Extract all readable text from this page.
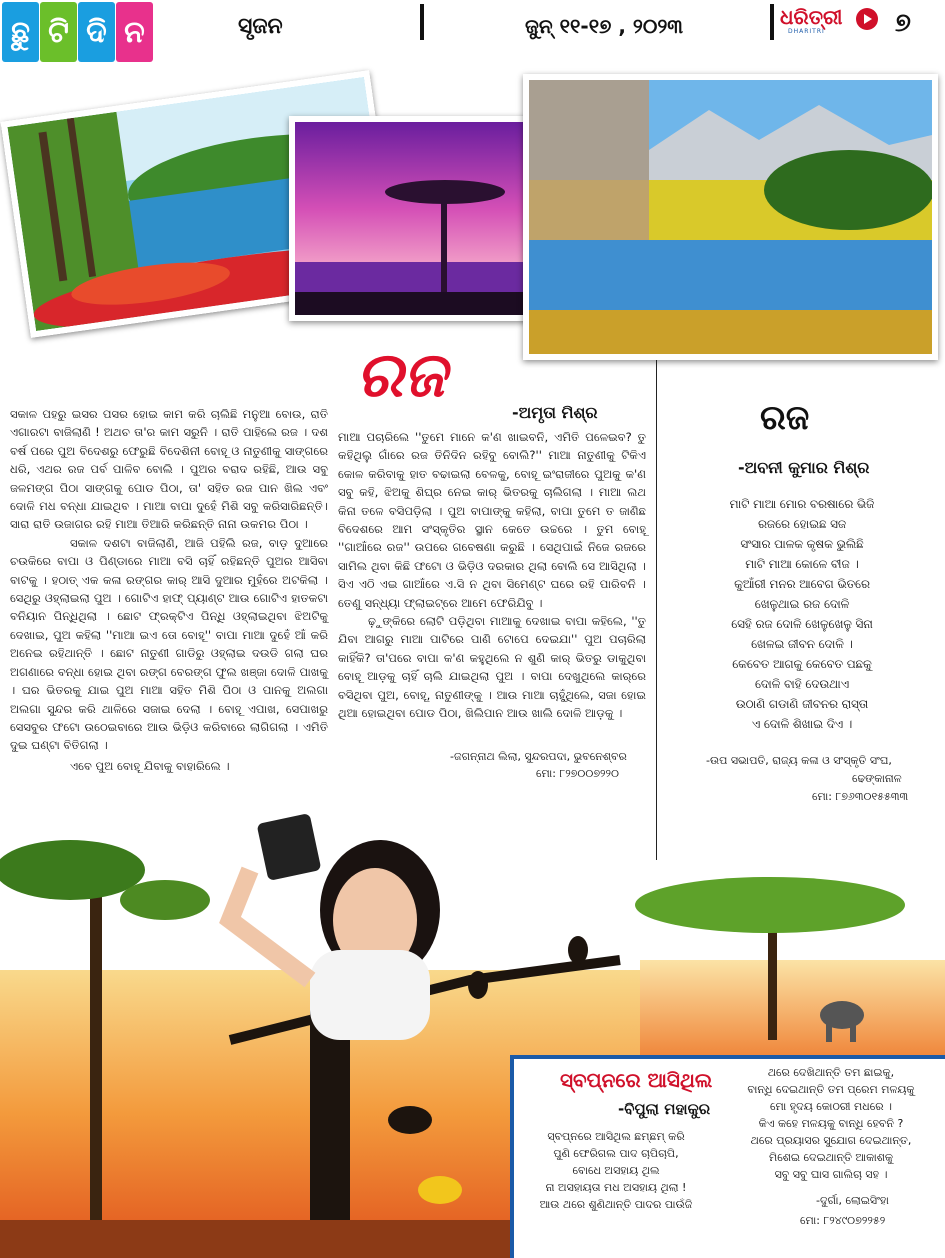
ଛୁ ଟି ଦି ନ	ସୃଜନ	ଜୁନ୍ ୧୧-୧୭ , ୨୦୨୩	ଧରିତ୍ରୀ
DHARITRI	୭
ରଜ
-ଅମୃତା ମିଶ୍ର

ସକାଳ ପହରୁ ଇସର ପସର ହୋଇ କାମ କରି ଚାଲିଛି ମନୁଆ ବୋଉ, ରାତି ଏଗାରଟା ବାଜିଲାଣି ! ଅଥଚ ତା'ର କାମ ସରୁନି । ରାତି ପାହିଲେ ରଜ । ଦଶ ବର୍ଷ ପରେ ପୁଅ ବିଦେଶରୁ ଫେରୁଛି ବିଦେଶିନୀ ବୋହୂ ଓ ନାତୁଣୀକୁ ସାଙ୍ଗରେ ଧରି, ଏଥର ରଜ ପର୍ବ ପାଳିବ ବୋଲି । ପୁଅର ବରାଦ ରହିଛି, ଆଉ ସବୁ ଜଳମଙ୍ଗ ପିଠା ସାଙ୍ଗକୁ ପୋଡ ପିଠା, ତା' ସହିତ ରଜ ପାନ ଖିଲ ଏବଂ ଦୋଳି ମଧ ବନ୍ଧା ଯାଇଥିବ । ମାଆ ବାପା ଦୁହେଁ ମିଶି ସବୁ କରିସାରିଛନ୍ତି। ସାରା ରାତି ଉଜାଗର ରହି ମାଆ ତିଆରି କରିଛନ୍ତି ନାନା ଉକମର ପିଠା ।

ସକାଳ ଦଶଟା ବାଜିଲାଣି, ଆଜି ପହିଲି ରଜ, ବାଡ଼ ଦୁଆରେ ଚଉକିରେ ବାପା ଓ ପିଣ୍ଡାରେ ମାଆ ବସି ଚାହିଁ ରହିଛନ୍ତି ପୁଅର ଆସିବା ବାଟକୁ । ହଠାତ୍ ଏକ କଳା ରଙ୍ଗର କାର୍ ଆସି ଦୁଆର ମୁହଁରେ ଅଟକିଲା । ସେଥିରୁ ଓହ୍ଲାଇଲା ପୁଅ । ଗୋଟିଏ ହାଫ୍ ପ୍ୟାଣ୍ଟ ଆଉ ଗୋଟିଏ ହାତକଟା ବନିୟାନ ପିନ୍ଧିଥିଲା । ଛୋଟ ଫ୍ରକ୍ଟିଏ ପିନ୍ଧି ଓହ୍ଲାଇଥିବା ଝିଅଟିକୁ ଦେଖାଇ, ପୁଅ କହିଲା ''ମାଆ ଇଏ ତୋ ବୋହୂ'' ବାପା ମାଆ ଦୁହେଁ ଆଁ କରି ଅନେଇ ରହିଥାନ୍ତି । ଛୋଟ ନାତୁଣୀ ଗାଡିରୁ ଓହ୍ଲାଇ ଦଉଡି ଗଲା ଘର ଅଗଣାରେ ବନ୍ଧା ହୋଇ ଥିବା ରଙ୍ଗ ବେରଙ୍ଗ ଫୁଲ ଖଞ୍ଜା ଦୋଳି ପାଖକୁ । ଘର ଭିତରକୁ ଯାଇ ପୁଅ ମାଆ ସହିତ ମିଶି ପିଠା ଓ ପାନକୁ ଅଲଗା ଅଲଗା ସୁନ୍ଦର କରି ଥାଳିରେ ସଜାଇ ଦେଲା । ବୋହୂ ଏପାଖ, ସେପାଖରୁ ସେସବୁର ଫଟୋ ଉଠେଇବାରେ ଆଉ ଭିଡ଼ିଓ କରିବାରେ ଲାଗିଗଲା । ଏମିତି ଦୁଇ ଘଣ୍ଟା ବିତିଗଲା ।

ଏବେ ପୁଅ ବୋହୂ ଯିବାକୁ ବାହାରିଲେ ।

ମାଆ ପଚାରିଲେ ''ତୁମେ ମାନେ କ'ଣ ଖାଇବନି, ଏମିତି ପଳେଇବ? ତୁ କହିଥିଲୁ ଗାଁରେ ରଜ ତିନିଦିନ ରହିବୁ ବୋଲି?'' ମାଆ ନାତୁଣୀକୁ ଟିକିଏ କୋଳ କରିବାକୁ ହାତ ବଢାଇଲା ବେଳକୁ, ବୋହୂ ଇଂରାଜୀରେ ପୁଅକୁ କ'ଣ ସବୁ କହି, ଝିଅକୁ ଶିଘ୍ର ନେଇ କାର୍ ଭିତରକୁ ଚାଲିଗଲା । ମାଆ ଲଥ କିନା ତଳେ ବସିପଡ଼ିଲା । ପୁଅ ବାପାଙ୍କୁ କହିଲା, ବାପା ତୁମେ ତ ଜାଣିଛ ବିଦେଶରେ ଆମ ସଂସ୍କୃତିର ସ୍ଥାନ କେତେ ଉଚ୍ଚରେ । ତୁମ ବୋହୂ ''ଗାଆଁରେ ରଜ'' ଉପରେ ଗବେଷଣା କରୁଛି । ସେଥିପାଇଁ ନିଜେ ରଜରେ ସାମିଲ ଥିବା କିଛି ଫଟୋ ଓ ଭିଡ଼ିଓ ଦରକାର ଥିଲା ବୋଲି ସେ ଆସିଥିଲା । ସିଏ ଏଠି ଏଇ ଗାଆଁରେ ଏ.ସି ନ ଥିବା ସିମେଣ୍ଟ ଘରେ ରହି ପାରିବନି । ତେଣୁ ସନ୍ଧ୍ୟା ଫ୍ଲାଇଟ୍‌ରେ ଆମେ ଫେରିଯିବୁ ।

ଢ଼ୁଙ୍କିରେ ଲୋଟି ପଡ଼ିଥିବା ମାଆକୁ ଦେଖାଇ ବାପା କହିଲେ, ''ତୁ ଯିବା ଆଗରୁ ମାଆ ପାଟିରେ ପାଣି ଟୋପେ ଦେଇଯା'' ପୁଅ ପଚାରିଲା କାହିଁକି? ତା'ପରେ ବାପା କ'ଣ କହୁଥିଲେ ନ ଶୁଣି କାର୍ ଭିତରୁ ଡାକୁଥିବା ବୋହୂ ଆଡ଼କୁ ଚାହିଁ ଚାଲି ଯାଇଥିଲା ପୁଅ । ବାପା ଦେଖୁଥିଲେ କାର୍‌ରେ ବସିଥିବା ପୁଅ, ବୋହୂ, ନାତୁଣୀଙ୍କୁ । ଆଉ ମାଆ ଚାହୁଁଥିଲେ, ସଜା ହୋଇ ଥିଆ ହୋଇଥିବା ପୋଡ ପିଠା, ଖିଲିପାନ ଆଉ ଖାଲି ଦୋଳି ଆଡ଼କୁ ।

-ଜଗନ୍ନାଥ ଲିଲା, ସୁନ୍ଦରପଦା, ଭୁବନେଶ୍ବର
ମୋ: ୮୨୭୦୦୭୨୨୦
ରଜ
-ଅବନୀ କୁମାର ମିଶ୍ର
ମାଟି ମାଆ ମୋର ବରଷାରେ ଭିଜି
ରଜରେ ହୋଇଛ ସଜ
ସଂସାର ପାଳକ କୃଷକ ଭୁଲିଛି
ମାଟି ମାଆ କୋଳେ ବୀଜ ।
କୁଆଁରୀ ମନର ଆବେଗ ଭିତରେ
ଖେଳୁଥାଇ ରଜ ଦୋଳି
ସେହି ରଜ ଦୋଳି ଖେଳୁଖେଳୁ ସିନା
ଖେଳଇ ଜୀବନ ଦୋଳି ।
କେବେତ ଆଗକୁ କେବେତ ପଛକୁ
ଦୋଳି ବାହି ଦେଉଥାଏ
ଉଠାଣି ଗଡାଣି ଜୀବନର ରାସ୍ତା
ଏ ଦୋଳି ଶିଖାଇ ଦିଏ ।
-ଉପ ସଭାପତି, ରାଜ୍ୟ କଳା ଓ ସଂସ୍କୃତି ସଂଘ,
ଢେଙ୍କାନାଳ
ମୋ: ୮୭୬୩୦୧୫୫୩୩
ସ୍ବପ୍ନରେ ଆସିଥିଲ
-ବିପୁଲା ମହାକୁର
ସ୍ବପ୍ନରେ ଆସିଥିଲ ଛମ୍ଛମ୍ କରି
ପୁଣି ଫେରିଗଲ ପାଦ ଚାପିଚାପି,
ବୋଧେ ଅସହାୟ ଥିଲ
ନା ଅସହାୟତା ମଧ ଅସହାୟ ଥିଲା !
ଆଉ ଥରେ ଶୁଣିଥାନ୍ତି ପାଦର ପାଉଁଜି
ଥରେ ଦେଖିଥାନ୍ତି ତମ ଛାଇକୁ,
ବାନ୍ଧି ଦେଇଥାନ୍ତି ତମ ପ୍ରେମ ମଳୟକୁ
ମୋ ହୃଦୟ କୋଠରୀ ମଧରେ ।
କିଏ କହେ ମଳୟକୁ ବାନ୍ଧି ହେବନି ?
ଥରେ ପ୍ରୟାସର ସୁଯୋଗ ଦେଇଥାନ୍ତ,
ମିଶେଇ ଦେଇଥାନ୍ତି ଆକାଶକୁ
ସବୁ ସବୁ ଘାସ ଗାଲିଚା ସହ ।
-ଦୁର୍ଗା, ଲୋଇସିଂହା
ମୋ: ୮୨୪୯୦୭୨୨୫୨
